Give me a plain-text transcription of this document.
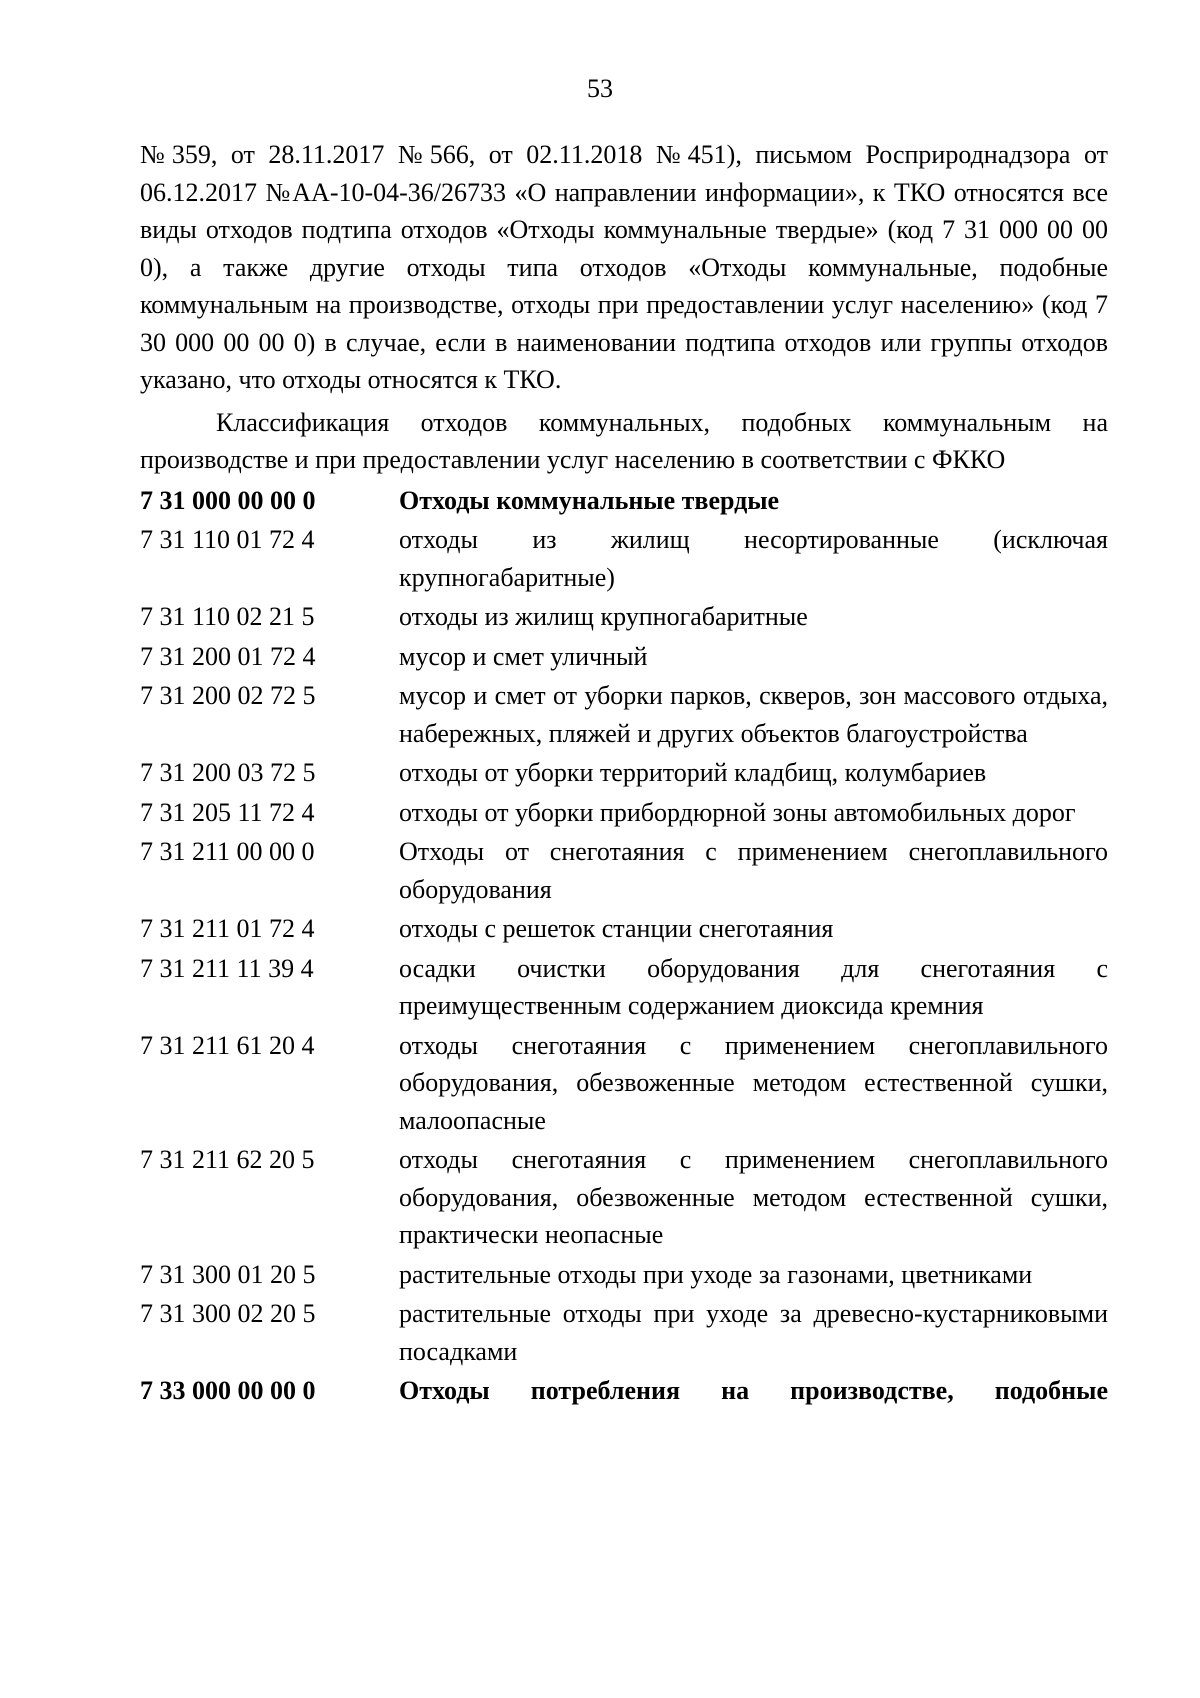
53

№359, от 28.11.2017 №566, от 02.11.2018 №451), письмом Росприроднадзора от 06.12.2017 №АА-10-04-36/26733 «О направлении информации», к ТКО относятся все виды отходов подтипа отходов «Отходы коммунальные твердые» (код 7 31 000 00 00 0), а также другие отходы типа отходов «Отходы коммунальные, подобные коммунальным на производстве, отходы при предоставлении услуг населению» (код 7 30 000 00 00 0) в случае, если в наименовании подтипа отходов или группы отходов указано, что отходы относятся к ТКО.

Классификация отходов коммунальных, подобных коммунальным на производстве и при предоставлении услуг населению в соответствии с ФККО

7 31 000 00 00 0	Отходы коммунальные твердые
7 31 110 01 72 4	отходы из жилищ несортированные (исключая крупногабаритные)
7 31 110 02 21 5	отходы из жилищ крупногабаритные
7 31 200 01 72 4	мусор и смет уличный
7 31 200 02 72 5	мусор и смет от уборки парков, скверов, зон массового отдыха, набережных, пляжей и других объектов благоустройства
7 31 200 03 72 5	отходы от уборки территорий кладбищ, колумбариев
7 31 205 11 72 4	отходы от уборки прибордюрной зоны автомобильных дорог
7 31 211 00 00 0	Отходы от снеготаяния с применением снегоплавильного оборудования
7 31 211 01 72 4	отходы с решеток станции снеготаяния
7 31 211 11 39 4	осадки очистки оборудования для снеготаяния с преимущественным содержанием диоксида кремния
7 31 211 61 20 4	отходы снеготаяния с применением снегоплавильного оборудования, обезвоженные методом естественной сушки, малоопасные
7 31 211 62 20 5	отходы снеготаяния с применением снегоплавильного оборудования, обезвоженные методом естественной сушки, практически неопасные
7 31 300 01 20 5	растительные отходы при уходе за газонами, цветниками
7 31 300 02 20 5	растительные отходы при уходе за древесно-кустарниковыми посадками
7 33 000 00 00 0	Отходы потребления на производстве, подобные
